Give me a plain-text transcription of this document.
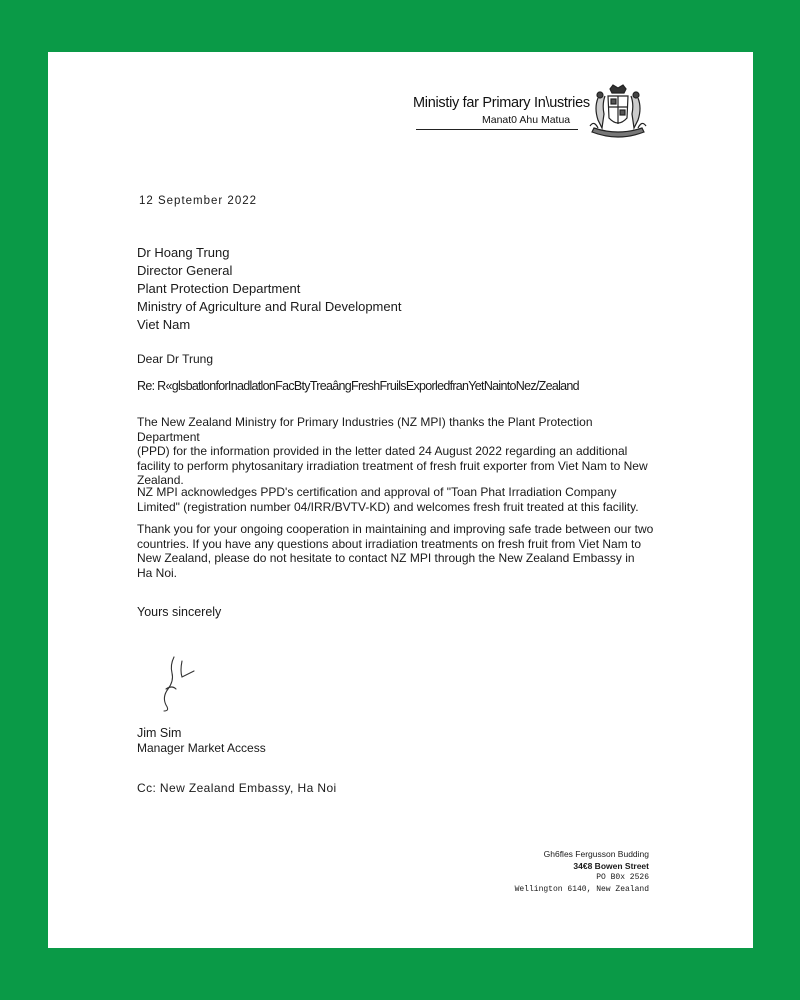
Ministiy far Primary In\ustries
Manat0 Ahu Matua
12 September 2022
Dr Hoang Trung
Director General
Plant Protection Department
Ministry of Agriculture and Rural Development
Viet Nam
Dear Dr Trung
Re: R«glsbatlonforInadlatlonFacBtyTreaângFreshFruilsExporledfranYetNaintoNez/Zealand
The New Zealand Ministry for Primary Industries (NZ MPI) thanks the Plant Protection Department
(PPD) for the information provided in the letter dated 24 August 2022 regarding an additional
facility to perform phytosanitary irradiation treatment of fresh fruit exporter from Viet Nam to New
Zealand.
NZ MPI acknowledges PPD's certification and approval of "Toan Phat Irradiation Company
Limited" (registration number 04/IRR/BVTV-KD) and welcomes fresh fruit treated at this facility.
Thank you for your ongoing cooperation in maintaining and improving safe trade between our two
countries. If you have any questions about irradiation treatments on fresh fruit from Viet Nam to
New Zealand, please do not hesitate to contact NZ MPI through the New Zealand Embassy in
Ha Noi.
Yours sincerely
Jim Sim
Manager Market Access
Cc: New Zealand Embassy, Ha Noi
Gh6fles Fergusson Budding
34€8 Bowen Street
PO B0x 2526
Wellington 6140, New Zealand
